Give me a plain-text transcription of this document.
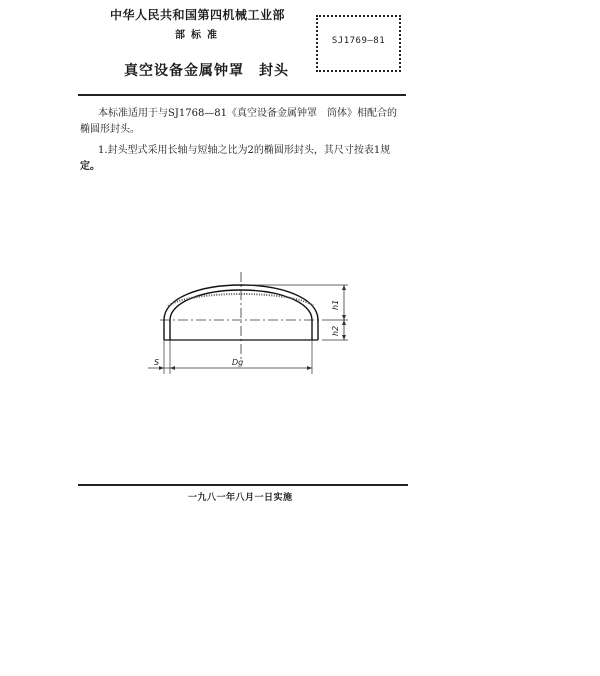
中华人民共和国第四机械工业部
部标准	SJ1769—81
真空设备金属钟罩　封头
本标准适用于与SJ1768—81《真空设备金属钟罩　筒体》相配合的
椭圆形封头。
1.封头型式采用长轴与短轴之比为2的椭圆形封头，其尺寸按表1规
定。
h1
h2
S	Dg
一九八一年八月一日实施
